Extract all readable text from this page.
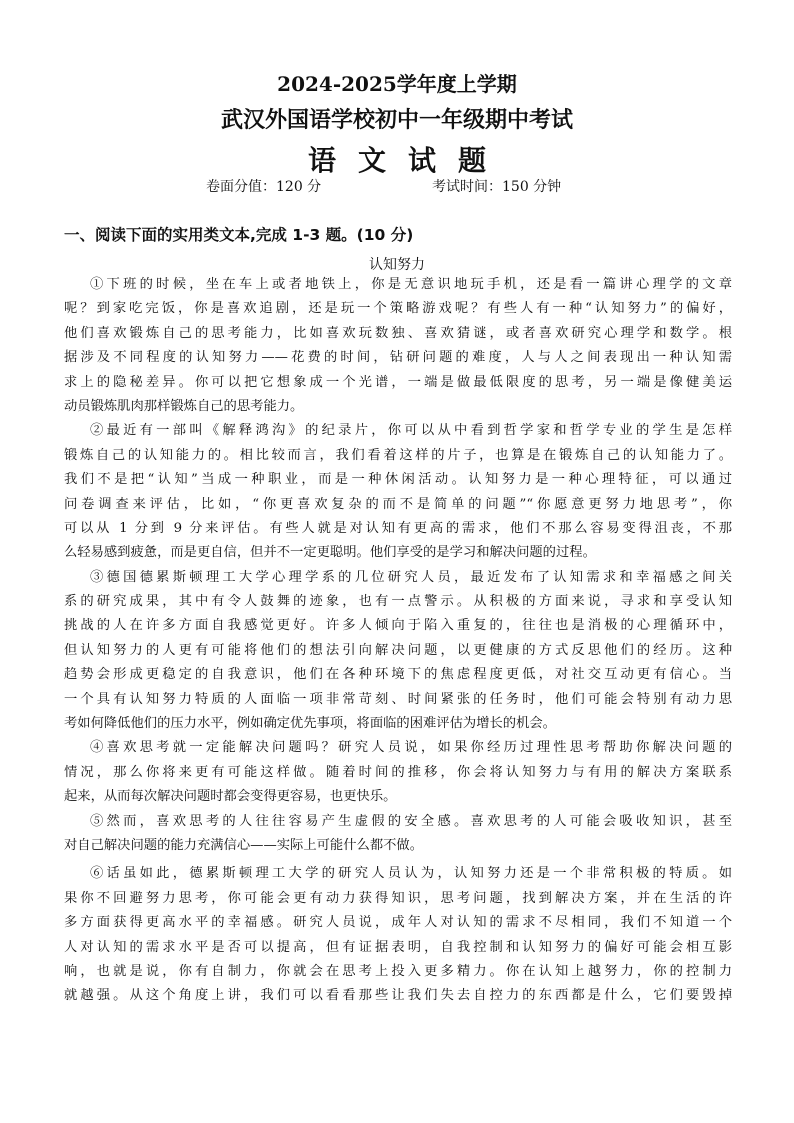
2024-2025学年度上学期
武汉外国语学校初中一年级期中考试
语文试题
卷面分值：120 分	考试时间：150 分钟
一、阅读下面的实用类文本,完成 1-3 题。(10 分)
认知努力
①下班的时候，坐在车上或者地铁上，你是无意识地玩手机，还是看一篇讲心理学的文章
呢？到家吃完饭，你是喜欢追剧，还是玩一个策略游戏呢？有些人有一种“认知努力”的偏好，
他们喜欢锻炼自己的思考能力，比如喜欢玩数独、喜欢猜谜，或者喜欢研究心理学和数学。根
据涉及不同程度的认知努力——花费的时间，钻研问题的难度，人与人之间表现出一种认知需
求上的隐秘差异。你可以把它想象成一个光谱，一端是做最低限度的思考，另一端是像健美运
动员锻炼肌肉那样锻炼自己的思考能力。
②最近有一部叫《解释鸿沟》的纪录片，你可以从中看到哲学家和哲学专业的学生是怎样
锻炼自己的认知能力的。相比较而言，我们看着这样的片子，也算是在锻炼自己的认知能力了。
我们不是把“认知”当成一种职业，而是一种休闲活动。认知努力是一种心理特征，可以通过
问卷调查来评估，比如，“你更喜欢复杂的而不是简单的问题”“你愿意更努力地思考”，你
可以从 1 分到 9 分来评估。有些人就是对认知有更高的需求，他们不那么容易变得沮丧，不那
么轻易感到疲惫，而是更自信，但并不一定更聪明。他们享受的是学习和解决问题的过程。
③德国德累斯顿理工大学心理学系的几位研究人员，最近发布了认知需求和幸福感之间关
系的研究成果，其中有令人鼓舞的迹象，也有一点警示。从积极的方面来说，寻求和享受认知
挑战的人在许多方面自我感觉更好。许多人倾向于陷入重复的，往往也是消极的心理循环中，
但认知努力的人更有可能将他们的想法引向解决问题，以更健康的方式反思他们的经历。这种
趋势会形成更稳定的自我意识，他们在各种环境下的焦虑程度更低，对社交互动更有信心。当
一个具有认知努力特质的人面临一项非常苛刻、时间紧张的任务时，他们可能会特别有动力思
考如何降低他们的压力水平，例如确定优先事项，将面临的困难评估为增长的机会。
④喜欢思考就一定能解决问题吗？研究人员说，如果你经历过理性思考帮助你解决问题的
情况，那么你将来更有可能这样做。随着时间的推移，你会将认知努力与有用的解决方案联系
起来，从而每次解决问题时都会变得更容易，也更快乐。
⑤然而，喜欢思考的人往往容易产生虚假的安全感。喜欢思考的人可能会吸收知识，甚至
对自己解决问题的能力充满信心——实际上可能什么都不做。
⑥话虽如此，德累斯顿理工大学的研究人员认为，认知努力还是一个非常积极的特质。如
果你不回避努力思考，你可能会更有动力获得知识，思考问题，找到解决方案，并在生活的许
多方面获得更高水平的幸福感。研究人员说，成年人对认知的需求不尽相同，我们不知道一个
人对认知的需求水平是否可以提高，但有证据表明，自我控制和认知努力的偏好可能会相互影
响，也就是说，你有自制力，你就会在思考上投入更多精力。你在认知上越努力，你的控制力
就越强。从这个角度上讲，我们可以看看那些让我们失去自控力的东西都是什么，它们要毁掉
